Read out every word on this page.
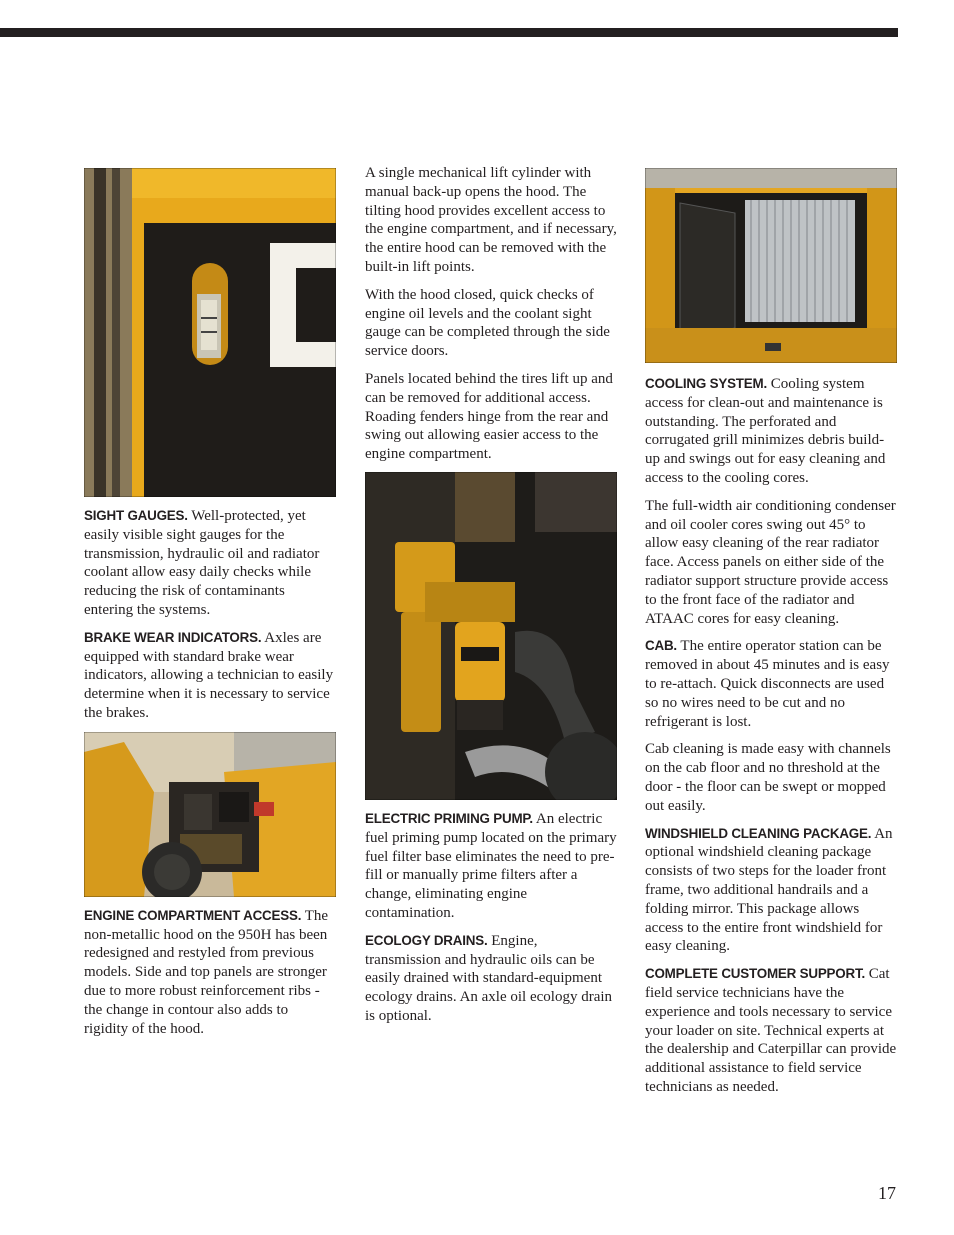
SIGHT GAUGES. Well-protected, yet easily visible sight gauges for the transmission, hydraulic oil and radiator coolant allow easy daily checks while reducing the risk of contaminants entering the systems.

BRAKE WEAR INDICATORS. Axles are equipped with standard brake wear indicators, allowing a technician to easily determine when it is necessary to service the brakes.

ENGINE COMPARTMENT ACCESS. The non-metallic hood on the 950H has been redesigned and restyled from previous models. Side and top panels are stronger due to more robust reinforcement ribs - the change in contour also adds to rigidity of the hood.

A single mechanical lift cylinder with manual back-up opens the hood. The tilting hood provides excellent access to the engine compartment, and if necessary, the entire hood can be removed with the built-in lift points.

With the hood closed, quick checks of engine oil levels and the coolant sight gauge can be completed through the side service doors.

Panels located behind the tires lift up and can be removed for additional access. Roading fenders hinge from the rear and swing out allowing easier access to the engine compartment.

ELECTRIC PRIMING PUMP. An electric fuel priming pump located on the primary fuel filter base eliminates the need to pre-fill or manually prime filters after a change, eliminating engine contamination.

ECOLOGY DRAINS. Engine, transmission and hydraulic oils can be easily drained with standard-equipment ecology drains. An axle oil ecology drain is optional.

COOLING SYSTEM. Cooling system access for clean-out and maintenance is outstanding. The perforated and corrugated grill minimizes debris build-up and swings out for easy cleaning and access to the cooling cores.

The full-width air conditioning condenser and oil cooler cores swing out 45° to allow easy cleaning of the rear radiator face. Access panels on either side of the radiator support structure provide access to the front face of the radiator and ATAAC cores for easy cleaning.

CAB. The entire operator station can be removed in about 45 minutes and is easy to re-attach. Quick disconnects are used so no wires need to be cut and no refrigerant is lost.

Cab cleaning is made easy with channels on the cab floor and no threshold at the door - the floor can be swept or mopped out easily.

WINDSHIELD CLEANING PACKAGE. An optional windshield cleaning package consists of two steps for the loader front frame, two additional handrails and a folding mirror. This package allows access to the entire front windshield for easy cleaning.

COMPLETE CUSTOMER SUPPORT. Cat field service technicians have the experience and tools necessary to service your loader on site. Technical experts at the dealership and Caterpillar can provide additional assistance to field service technicians as needed.

17
